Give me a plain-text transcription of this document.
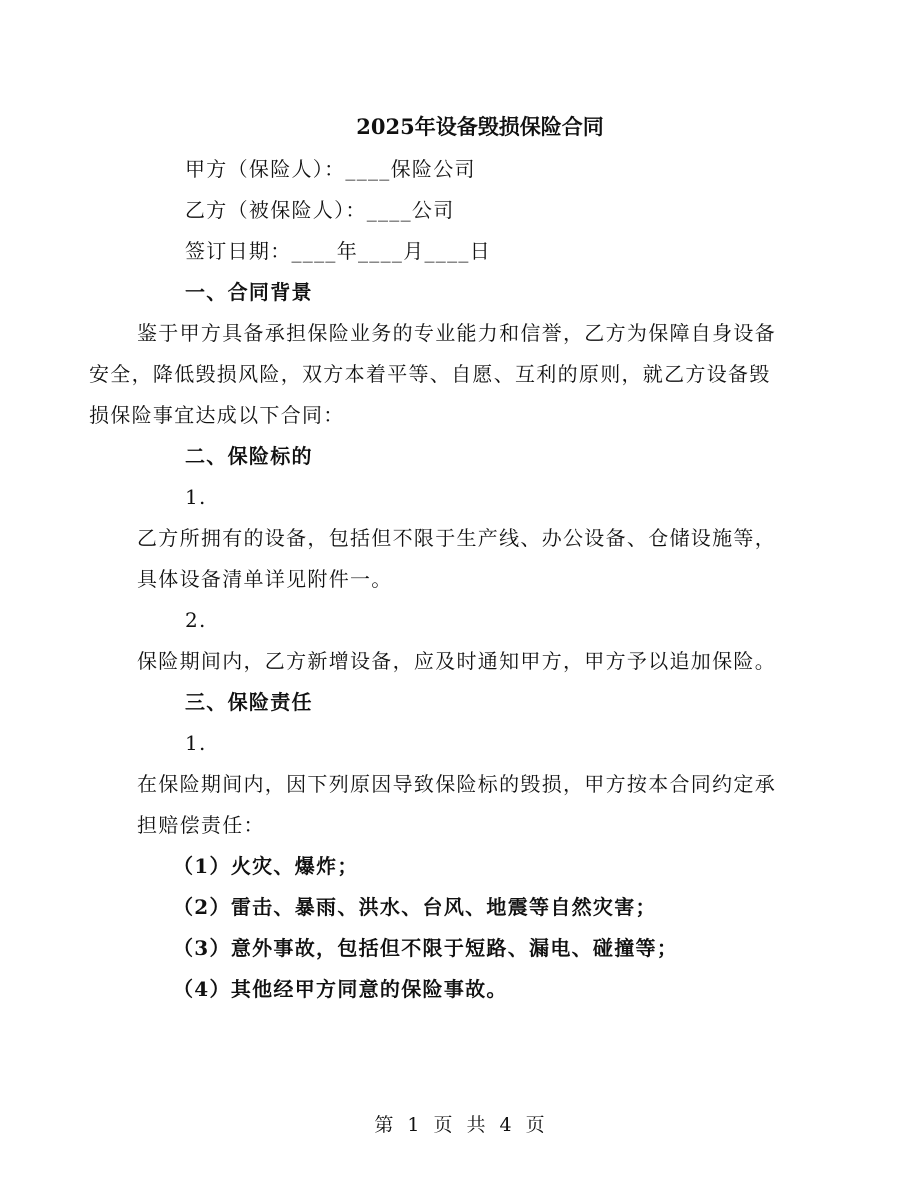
2025年设备毁损保险合同

甲方（保险人）：____保险公司

乙方（被保险人）：____公司

签订日期：____年____月____日

一、合同背景

鉴于甲方具备承担保险业务的专业能力和信誉，乙方为保障自身设备安全，降低毁损风险，双方本着平等、自愿、互利的原则，就乙方设备毁损保险事宜达成以下合同：

二、保险标的

1.

乙方所拥有的设备，包括但不限于生产线、办公设备、仓储设施等，具体设备清单详见附件一。

2.

保险期间内，乙方新增设备，应及时通知甲方，甲方予以追加保险。

三、保险责任

1.

在保险期间内，因下列原因导致保险标的毁损，甲方按本合同约定承担赔偿责任：

（1）火灾、爆炸；

（2）雷击、暴雨、洪水、台风、地震等自然灾害；

（3）意外事故，包括但不限于短路、漏电、碰撞等；

（4）其他经甲方同意的保险事故。

第 1 页 共 4 页
